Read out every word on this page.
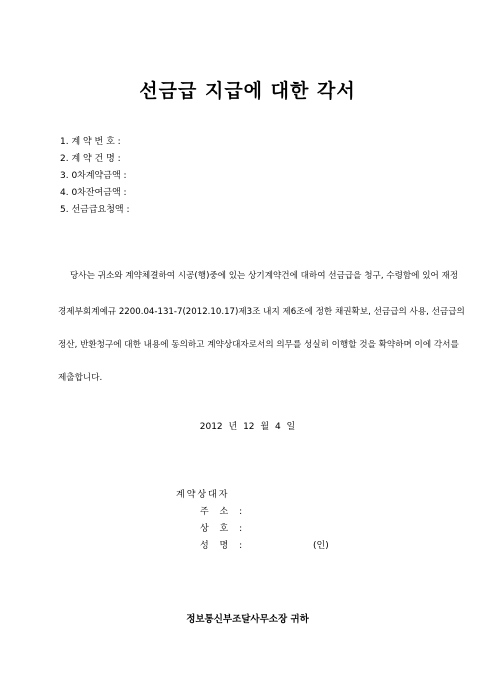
선금급 지급에 대한 각서
1. 계 약 번 호 :
2. 계 약 건 명 :
3. 0차계약금액 :
4. 0차잔여금액 :
5. 선금급요청액 :
당사는 귀소와 계약체결하여 시공(행)중에 있는 상기계약건에 대하여 선금급을 청구, 수령함에 있어 재정
경제부회계예규 2200.04-131-7(2012.10.17)제3조 내지 제6조에 정한 채권확보, 선금급의 사용, 선금급의
정산, 반환청구에 대한 내용에 동의하고 계약상대자로서의 의무를 성실히 이행할 것을 확약하며 이에 각서를
제출합니다.
2012 년 12 월 4 일
계약상대자
주 소 :
상 호 :
성 명 :	(인)
정보통신부조달사무소장 귀하
